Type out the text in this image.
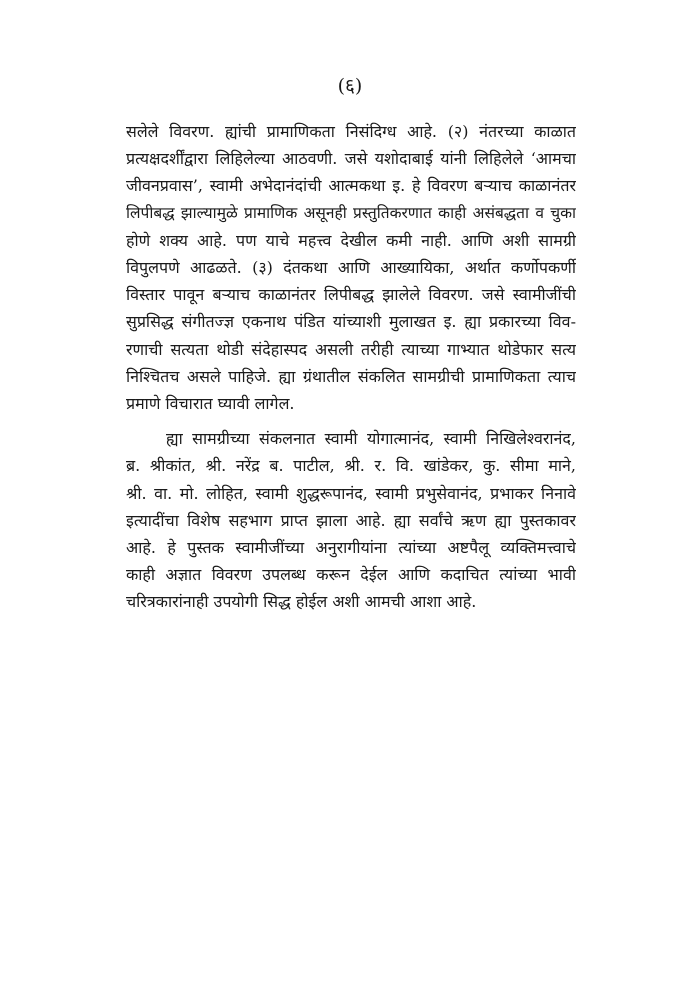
(६)
सलेले विवरण. ह्यांची प्रामाणिकता निसंदिग्ध आहे. (२) नंतरच्या काळात
प्रत्यक्षदर्शींद्वारा लिहिलेल्या आठवणी. जसे यशोदाबाई यांनी लिहिलेले ‘आमचा
जीवनप्रवास’, स्वामी अभेदानंदांची आत्मकथा इ. हे विवरण बऱ्याच काळानंतर
लिपीबद्ध झाल्यामुळे प्रामाणिक असूनही प्रस्तुतिकरणात काही असंबद्धता व चुका
होणे शक्य आहे. पण याचे महत्त्व देखील कमी नाही. आणि अशी सामग्री
विपुलपणे आढळते. (३) दंतकथा आणि आख्यायिका, अर्थात कर्णोपकर्णी
विस्तार पावून बऱ्याच काळानंतर लिपीबद्ध झालेले विवरण. जसे स्वामीजींची
सुप्रसिद्ध संगीतज्ज्ञ एकनाथ पंडित यांच्याशी मुलाखत इ. ह्या प्रकारच्या विव-
रणाची सत्यता थोडी संदेहास्पद असली तरीही त्याच्या गाभ्यात थोडेफार सत्य
निश्चितच असले पाहिजे. ह्या ग्रंथातील संकलित सामग्रीची प्रामाणिकता त्याच
प्रमाणे विचारात घ्यावी लागेल.
ह्या सामग्रीच्या संकलनात स्वामी योगात्मानंद, स्वामी निखिलेश्वरानंद,
ब्र. श्रीकांत, श्री. नरेंद्र ब. पाटील, श्री. र. वि. खांडेकर, कु. सीमा माने,
श्री. वा. मो. लोहित, स्वामी शुद्धरूपानंद, स्वामी प्रभुसेवानंद, प्रभाकर निनावे
इत्यादींचा विशेष सहभाग प्राप्त झाला आहे. ह्या सर्वांचे ऋण ह्या पुस्तकावर
आहे. हे पुस्तक स्वामीजींच्या अनुरागीयांना त्यांच्या अष्टपैलू व्यक्तिमत्त्वाचे
काही अज्ञात विवरण उपलब्ध करून देईल आणि कदाचित त्यांच्या भावी
चरित्रकारांनाही उपयोगी सिद्ध होईल अशी आमची आशा आहे.
